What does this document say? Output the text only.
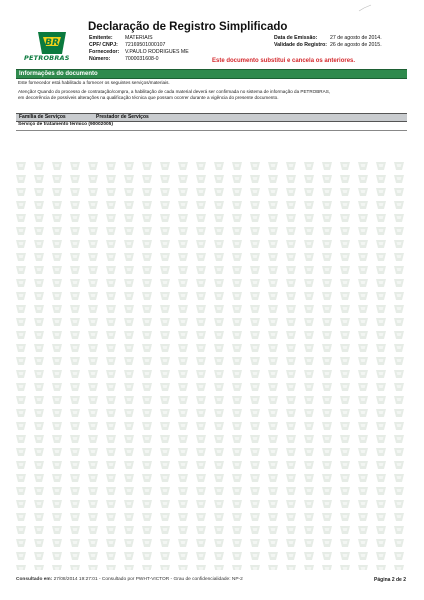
BR
PETROBRAS
Declaração de Registro Simplificado
Emitente:
CPF/ CNPJ:
Fornecedor:
Número:
MATERIAIS
72169501000107
V.PAULO RODRIGUES ME
7000031608-0
Data de Emissão:
Validade do Registro:
27 de agosto de 2014.
26 de agosto de 2015.
Este documento substitui e cancela os anteriores.
Informações do documento
Este fornecedor está habilitado a fornecer os seguintes serviços/materiais.
Atenção! Quando do processo de contratação/compra, a habilitação de cada material deverá ser confirmada no sistema de informação da PETROBRAS,
em decorrência de possíveis alterações na qualificação técnica que possam ocorrer durante a vigência do presente documento.
Família de Serviços	Prestador de Serviços
Serviço de tratamento térmico (90002005)
Consultado em: 27/08/2014 19:27:01 - Consultado por PWHT-VICTOR - Grau de confidencialidade: NP-2	Página 2 de 2
